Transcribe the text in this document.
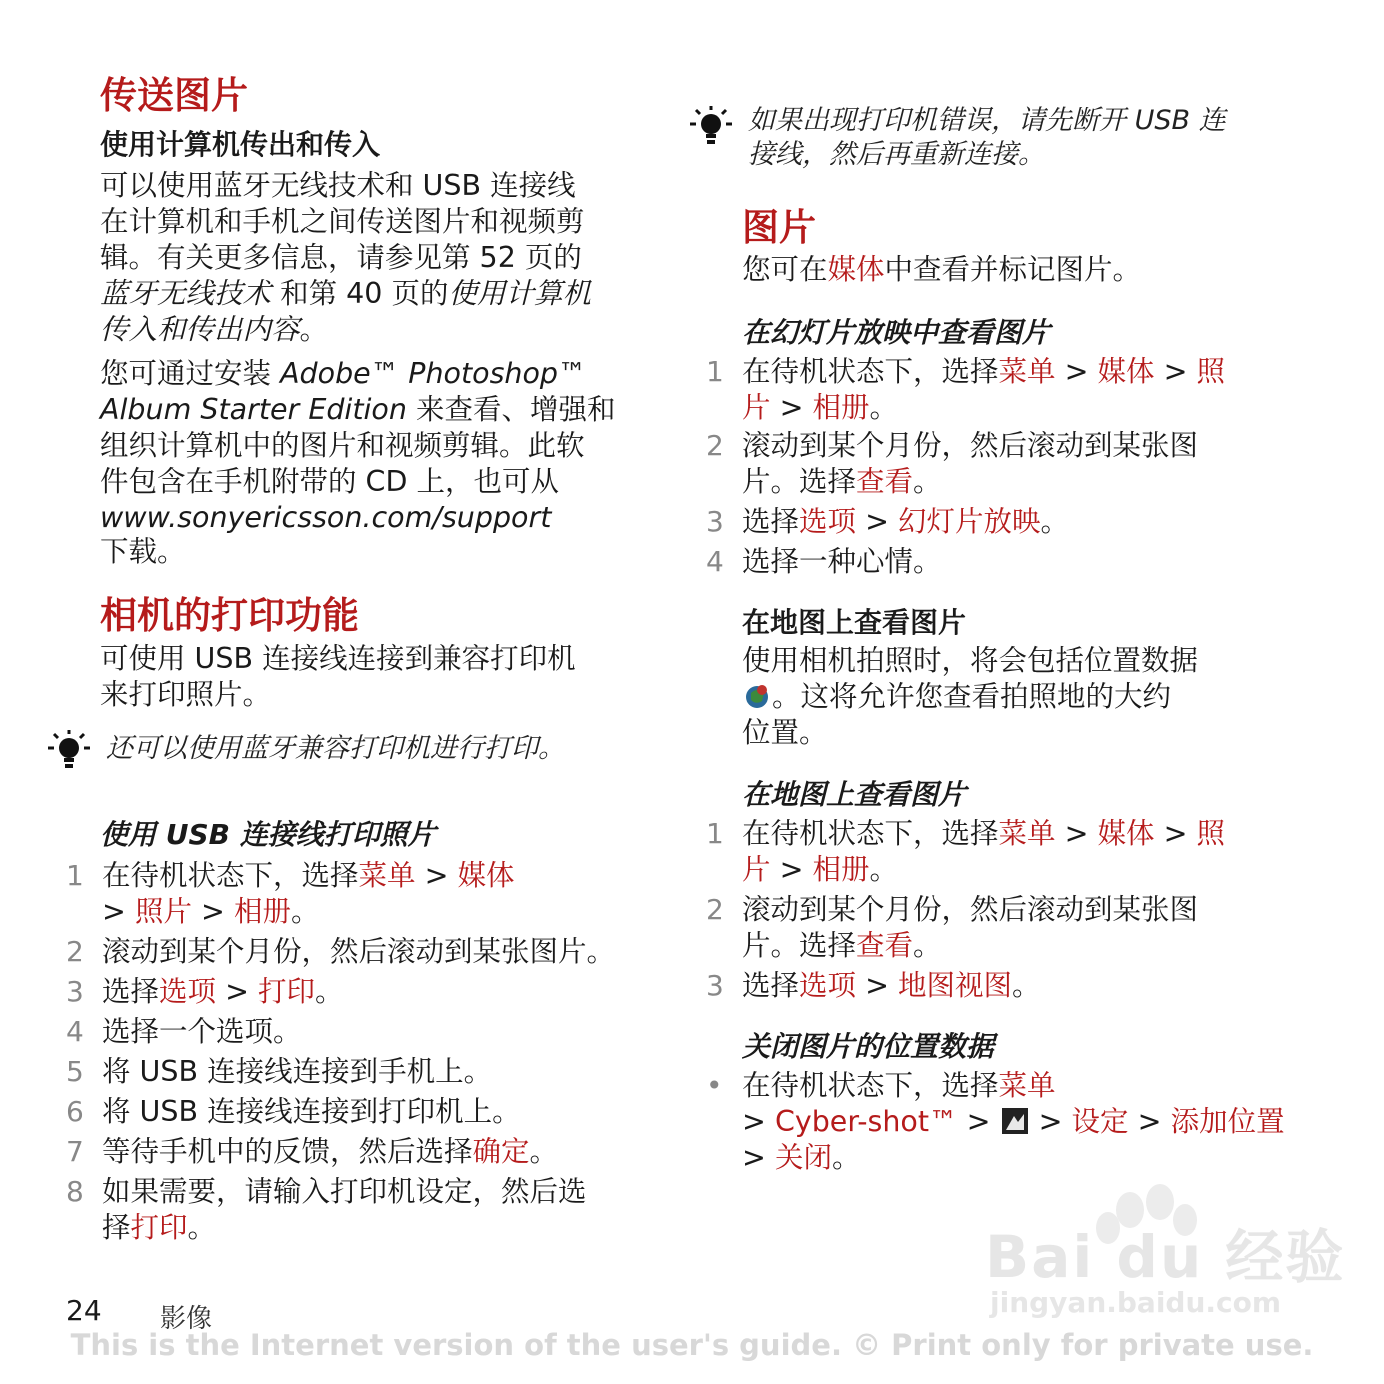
传送图片
使用计算机传出和传入
可以使用蓝牙无线技术和 USB 连接线
在计算机和手机之间传送图片和视频剪
辑。有关更多信息，请参见第 52 页的
蓝牙无线技术 和第 40 页的使用计算机
传入和传出内容。
您可通过安装 Adobe™ Photoshop™
Album Starter Edition 来查看、增强和
组织计算机中的图片和视频剪辑。此软
件包含在手机附带的 CD 上，也可从
www.sonyericsson.com/support
下载。
相机的打印功能
可使用 USB 连接线连接到兼容打印机
来打印照片。
还可以使用蓝牙兼容打印机进行打印。
使用 USB 连接线打印照片
1 在待机状态下，选择菜单 > 媒体
> 照片 > 相册。
2 滚动到某个月份，然后滚动到某张图片。
3 选择选项 > 打印。
4 选择一个选项。
5 将 USB 连接线连接到手机上。
6 将 USB 连接线连接到打印机上。
7 等待手机中的反馈，然后选择确定。
8 如果需要，请输入打印机设定，然后选
择打印。
如果出现打印机错误，请先断开 USB 连
接线，然后再重新连接。
图片
您可在媒体中查看并标记图片。
在幻灯片放映中查看图片
1 在待机状态下，选择菜单 > 媒体 > 照
片 > 相册。
2 滚动到某个月份，然后滚动到某张图
片。选择查看。
3 选择选项 > 幻灯片放映。
4 选择一种心情。
在地图上查看图片
使用相机拍照时，将会包括位置数据
。这将允许您查看拍照地的大约
位置。
在地图上查看图片
1 在待机状态下，选择菜单 > 媒体 > 照
片 > 相册。
2 滚动到某个月份，然后滚动到某张图
片。选择查看。
3 选择选项 > 地图视图。
关闭图片的位置数据
• 在待机状态下，选择菜单
> Cyber-shot™ >  > 设定 > 添加位置
> 关闭。
Bai du 经验
jingyan.baidu.com
24 影像
This is the Internet version of the user's guide. © Print only for private use.
